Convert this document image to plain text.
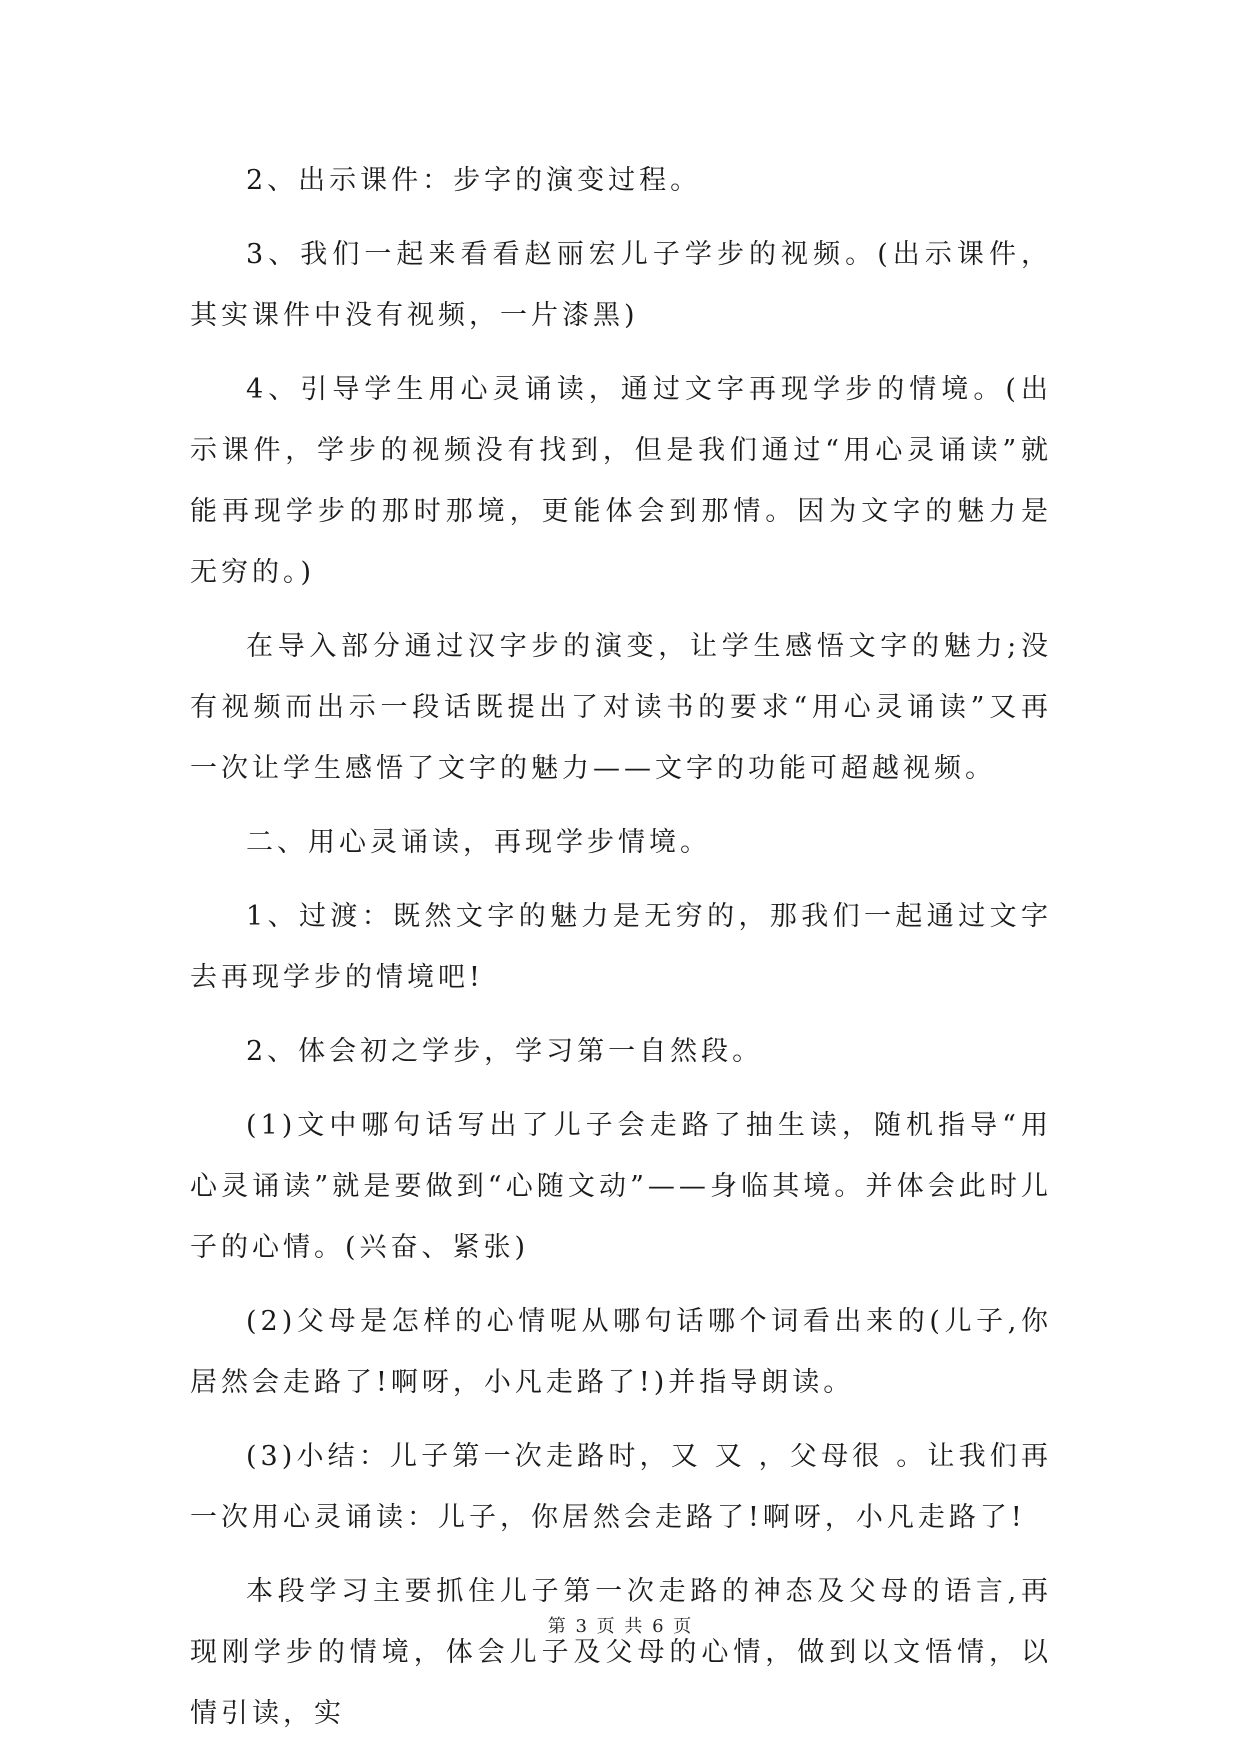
2、出示课件：步字的演变过程。

3、我们一起来看看赵丽宏儿子学步的视频。(出示课件，其实课件中没有视频，一片漆黑)

4、引导学生用心灵诵读，通过文字再现学步的情境。(出示课件，学步的视频没有找到，但是我们通过“用心灵诵读”就能再现学步的那时那境，更能体会到那情。因为文字的魅力是无穷的。)

在导入部分通过汉字步的演变，让学生感悟文字的魅力;没有视频而出示一段话既提出了对读书的要求“用心灵诵读”又再一次让学生感悟了文字的魅力——文字的功能可超越视频。

二、用心灵诵读，再现学步情境。

1、过渡：既然文字的魅力是无穷的，那我们一起通过文字去再现学步的情境吧!

2、体会初之学步，学习第一自然段。

(1)文中哪句话写出了儿子会走路了抽生读，随机指导“用心灵诵读”就是要做到“心随文动”——身临其境。并体会此时儿子的心情。(兴奋、紧张)

(2)父母是怎样的心情呢从哪句话哪个词看出来的(儿子,你居然会走路了!啊呀，小凡走路了!)并指导朗读。

(3)小结：儿子第一次走路时，又 又 ，父母很 。让我们再一次用心灵诵读：儿子，你居然会走路了!啊呀，小凡走路了!

本段学习主要抓住儿子第一次走路的神态及父母的语言,再现刚学步的情境，体会儿子及父母的心情，做到以文悟情，以情引读，实

第 3 页 共 6 页
